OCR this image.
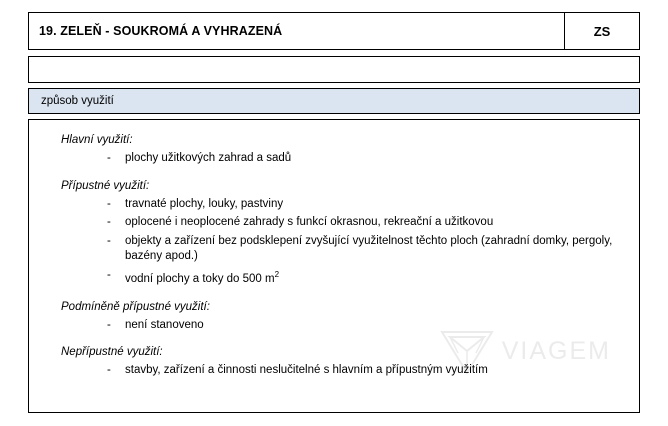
19. ZELEŇ - SOUKROMÁ A VYHRAZENÁ	ZS
způsob využití
VIAGEM
Hlavní využití:
- plochy užitkových zahrad a sadů
Přípustné využití:
- travnaté plochy, louky, pastviny
- oplocené i neoplocené zahrady s funkcí okrasnou, rekreační a užitkovou
- objekty a zařízení bez podsklepení zvyšující využitelnost těchto ploch (zahradní domky, pergoly, bazény apod.)
- vodní plochy a toky do 500 $m^2$
Podmíněně přípustné využití:
- není stanoveno
Nepřípustné využití:
- stavby, zařízení a činnosti neslučitelné s hlavním a přípustným využitím
